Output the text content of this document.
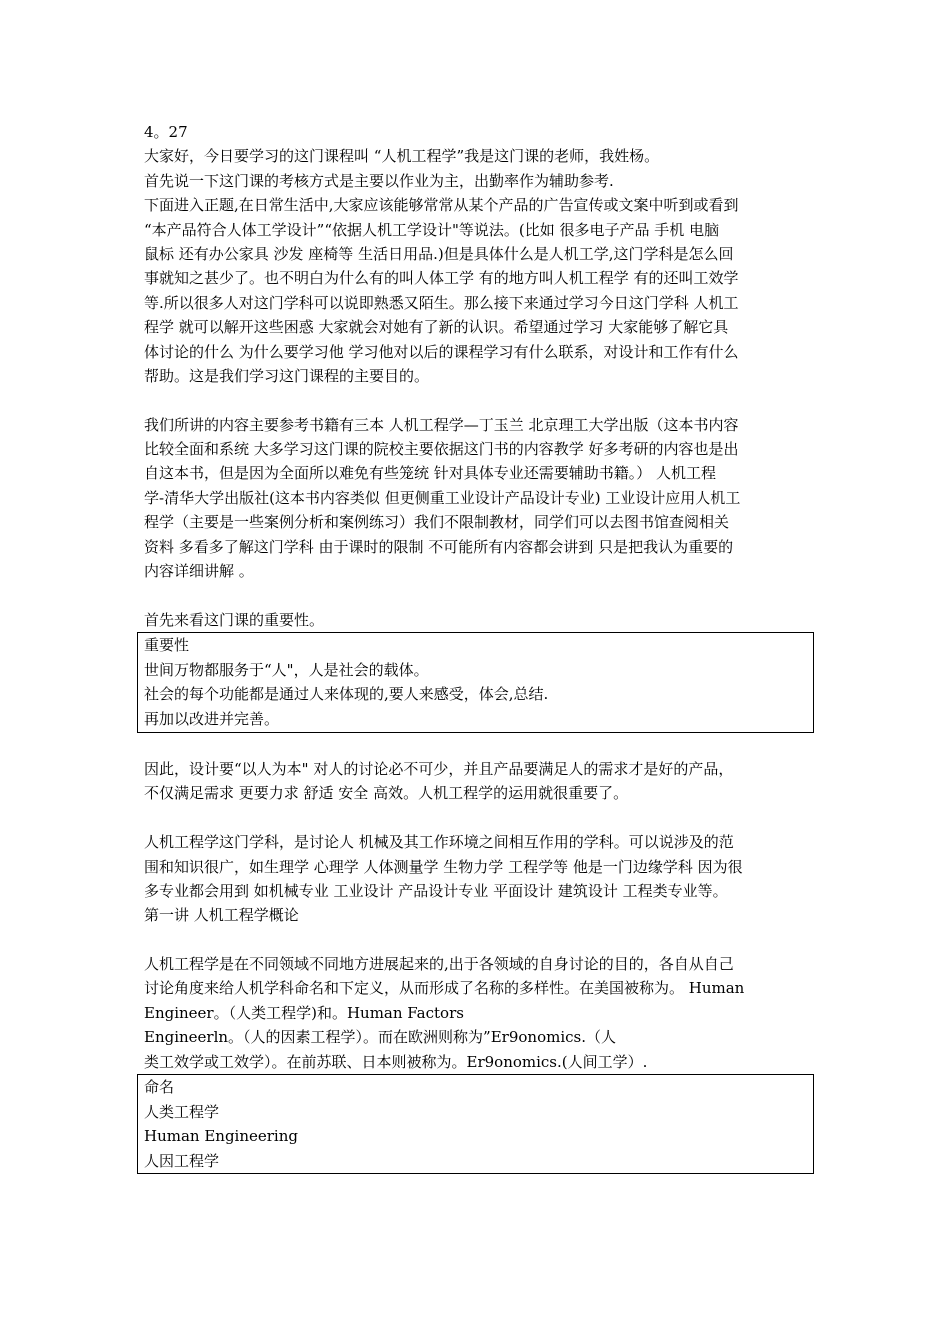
4。27
大家好，今日要学习的这门课程叫 “人机工程学”我是这门课的老师，我姓杨。
首先说一下这门课的考核方式是主要以作业为主，出勤率作为辅助参考.
下面进入正题,在日常生活中,大家应该能够常常从某个产品的广告宣传或文案中听到或看到
“本产品符合人体工学设计”“依据人机工学设计"等说法。(比如 很多电子产品 手机 电脑
鼠标 还有办公家具 沙发 座椅等 生活日用品.)但是具体什么是人机工学,这门学科是怎么回
事就知之甚少了。也不明白为什么有的叫人体工学 有的地方叫人机工程学 有的还叫工效学
等.所以很多人对这门学科可以说即熟悉又陌生。那么接下来通过学习今日这门学科 人机工
程学 就可以解开这些困惑 大家就会对她有了新的认识。希望通过学习 大家能够了解它具
体讨论的什么 为什么要学习他 学习他对以后的课程学习有什么联系，对设计和工作有什么
帮助。这是我们学习这门课程的主要目的。
我们所讲的内容主要参考书籍有三本 人机工程学—丁玉兰 北京理工大学出版（这本书内容
比较全面和系统 大多学习这门课的院校主要依据这门书的内容教学 好多考研的内容也是出
自这本书，但是因为全面所以难免有些笼统 针对具体专业还需要辅助书籍。） 人机工程
学-清华大学出版社(这本书内容类似 但更侧重工业设计产品设计专业) 工业设计应用人机工
程学（主要是一些案例分析和案例练习）我们不限制教材，同学们可以去图书馆查阅相关
资料 多看多了解这门学科 由于课时的限制 不可能所有内容都会讲到 只是把我认为重要的
内容详细讲解 。
首先来看这门课的重要性。
重要性
世间万物都服务于“人"，人是社会的载体。
社会的每个功能都是通过人来体现的,要人来感受，体会,总结.
再加以改进并完善。
因此，设计要“以人为本" 对人的讨论必不可少，并且产品要满足人的需求才是好的产品，
不仅满足需求 更要力求 舒适 安全 高效。人机工程学的运用就很重要了。
人机工程学这门学科，是讨论人 机械及其工作环境之间相互作用的学科。可以说涉及的范
围和知识很广，如生理学 心理学 人体测量学 生物力学 工程学等 他是一门边缘学科 因为很
多专业都会用到 如机械专业 工业设计 产品设计专业 平面设计 建筑设计 工程类专业等。
第一讲 人机工程学概论
人机工程学是在不同领域不同地方进展起来的,出于各领域的自身讨论的目的，各自从自己
讨论角度来给人机学科命名和下定义，从而形成了名称的多样性。在美国被称为。 Human
Engineer。（人类工程学)和。Human Factors
Engineerln。（人的因素工程学）。而在欧洲则称为”Er9onomics.（人
类工效学或工效学）。在前苏联、日本则被称为。Er9onomics.(人间工学）.
命名
人类工程学
Human Engineering
人因工程学
